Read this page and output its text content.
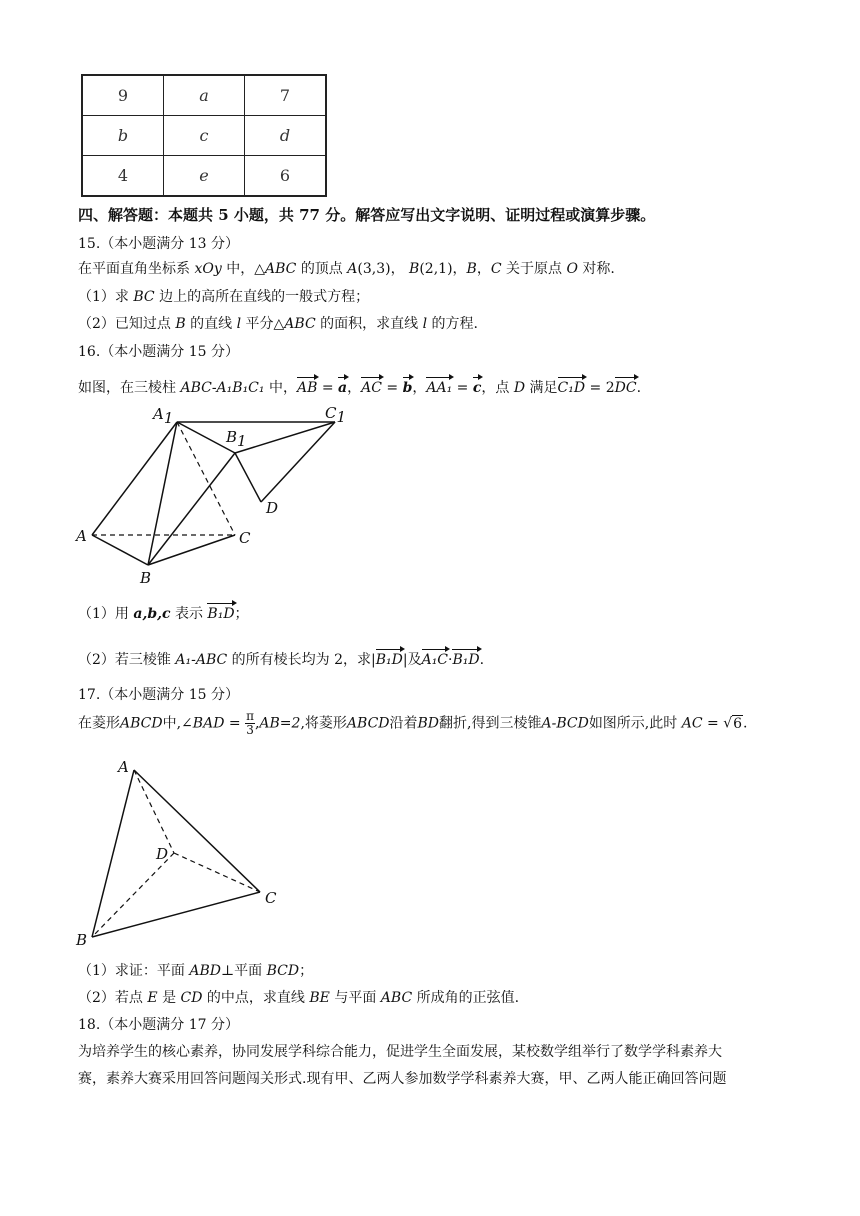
9	a	7
b	c	d
4	e	6
四、解答题：本题共 5 小题，共 77 分。解答应写出文字说明、证明过程或演算步骤。
15.（本小题满分 13 分）
在平面直角坐标系 xOy 中，△ABC 的顶点 A(3,3)， B(2,1)，B，C 关于原点 O 对称.
（1）求 BC 边上的高所在直线的一般式方程；
（2）已知过点 B 的直线 l 平分△ABC 的面积，求直线 l 的方程.
16.（本小题满分 15 分）
如图，在三棱柱 ABC-A₁B₁C₁ 中，AB = a，AC = b，AA₁ = c，点 D 满足C₁D = 2DC.
A1
B1
C1
A
B
C
D
（1）用 a,b,c 表示 B₁D；
（2）若三棱锥 A₁-ABC 的所有棱长均为 2，求|B₁D|及A₁C·B₁D.
17.（本小题满分 15 分）
在菱形ABCD中,∠BAD = $\frac{\pi}{3} ,AB=2$,将菱形ABCD沿着BD翻折,得到三棱锥A-BCD如图所示,此时 AC = √6.
A
B
C
D
（1）求证：平面 ABD⊥平面 BCD；
（2）若点 E 是 CD 的中点，求直线 BE 与平面 ABC 所成角的正弦值.
18.（本小题满分 17 分）
为培养学生的核心素养，协同发展学科综合能力，促进学生全面发展，某校数学组举行了数学学科素养大
赛，素养大赛采用回答问题闯关形式.现有甲、乙两人参加数学学科素养大赛，甲、乙两人能正确回答问题
